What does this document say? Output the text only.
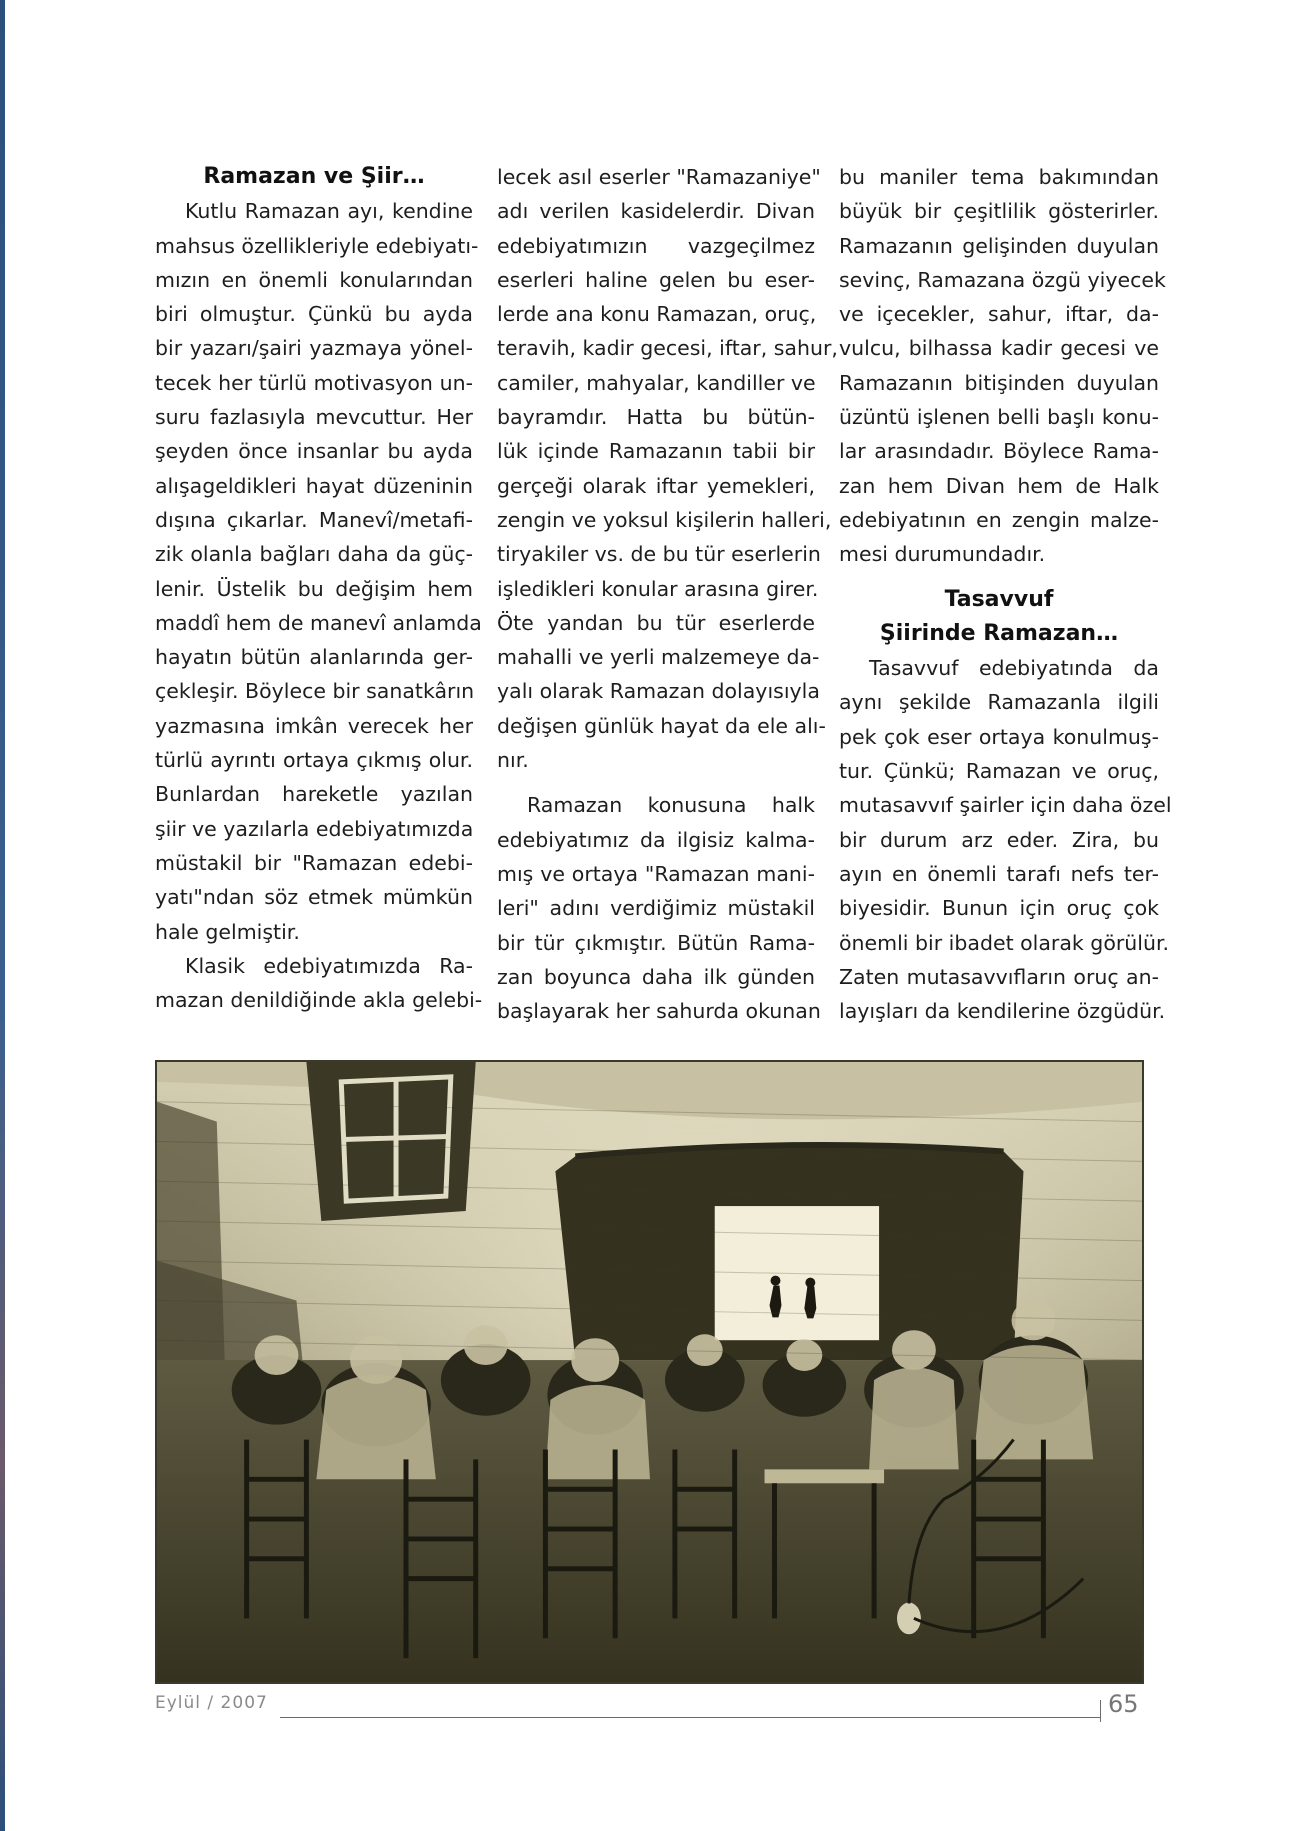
Ramazan ve Şiir…

Kutlu Ramazan ayı, kendine
mahsus özellikleriyle edebiyatı-
mızın en önemli konularından
biri olmuştur. Çünkü bu ayda
bir yazarı/şairi yazmaya yönel-
tecek her türlü motivasyon un-
suru fazlasıyla mevcuttur. Her
şeyden önce insanlar bu ayda
alışageldikleri hayat düzeninin
dışına çıkarlar. Manevî/metafi-
zik olanla bağları daha da güç-
lenir. Üstelik bu değişim hem
maddî hem de manevî anlamda
hayatın bütün alanlarında ger-
çekleşir. Böylece bir sanatkârın
yazmasına imkân verecek her
türlü ayrıntı ortaya çıkmış olur.
Bunlardan hareketle yazılan
şiir ve yazılarla edebiyatımızda
müstakil bir "Ramazan edebi-
yatı"ndan söz etmek mümkün
hale gelmiştir.
Klasik edebiyatımızda Ra-
mazan denildiğinde akla gelebi-
lecek asıl eserler "Ramazaniye"
adı verilen kasidelerdir. Divan
edebiyatımızın vazgeçilmez
eserleri haline gelen bu eser-
lerde ana konu Ramazan, oruç,
teravih, kadir gecesi, iftar, sahur,
camiler, mahyalar, kandiller ve
bayramdır. Hatta bu bütün-
lük içinde Ramazanın tabii bir
gerçeği olarak iftar yemekleri,
zengin ve yoksul kişilerin halleri,
tiryakiler vs. de bu tür eserlerin
işledikleri konular arasına girer.
Öte yandan bu tür eserlerde
mahalli ve yerli malzemeye da-
yalı olarak Ramazan dolayısıyla
değişen günlük hayat da ele alı-
nır.
Ramazan konusuna halk
edebiyatımız da ilgisiz kalma-
mış ve ortaya "Ramazan mani-
leri" adını verdiğimiz müstakil
bir tür çıkmıştır. Bütün Rama-
zan boyunca daha ilk günden
başlayarak her sahurda okunan
bu maniler tema bakımından
büyük bir çeşitlilik gösterirler.
Ramazanın gelişinden duyulan
sevinç, Ramazana özgü yiyecek
ve içecekler, sahur, iftar, da-
vulcu, bilhassa kadir gecesi ve
Ramazanın bitişinden duyulan
üzüntü işlenen belli başlı konu-
lar arasındadır. Böylece Rama-
zan hem Divan hem de Halk
edebiyatının en zengin malze-
mesi durumundadır.

Tasavvuf
Şiirinde Ramazan…

Tasavvuf edebiyatında da
aynı şekilde Ramazanla ilgili
pek çok eser ortaya konulmuş-
tur. Çünkü; Ramazan ve oruç,
mutasavvıf şairler için daha özel
bir durum arz eder. Zira, bu
ayın en önemli tarafı nefs ter-
biyesidir. Bunun için oruç çok
önemli bir ibadet olarak görülür.
Zaten mutasavvıfların oruç an-
layışları da kendilerine özgüdür.
Eylül / 2007	65
